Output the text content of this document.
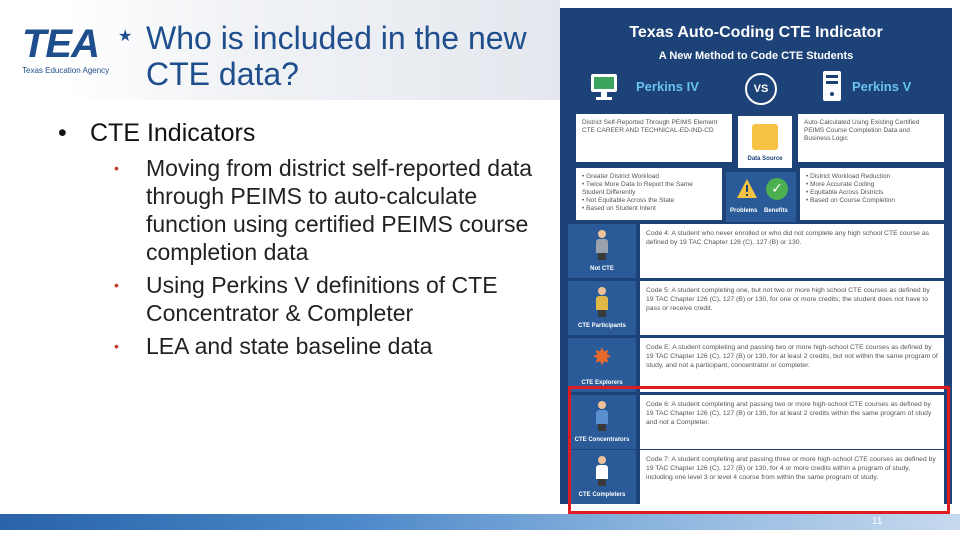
TEA ★
Texas Education Agency
Who is included in the new CTE data?
• CTE Indicators
• Moving from district self-reported data through PEIMS to auto-calculate function using certified PEIMS course completion data
• Using Perkins V definitions of CTE Concentrator & Completer
• LEA and state baseline data
Texas Auto-Coding CTE Indicator
A New Method to Code CTE Students
Perkins IV	VS	Perkins V
District Self-Reported Through PEIMS Element CTE CAREER AND TECHNICAL-ED-IND-CD
Data Source
Auto-Calculated Using Existing Certified PEIMS Course Completion Data and Business Logic
• Greater District Workload
• Twice More Data to Report the Same Student Differently
• Not Equitable Across the State
• Based on Student Intent
✓
Problems Benefits
• District Workload Reduction
• More Accurate Coding
• Equitable Across Districts
• Based on Course Completion
Not CTE
Code 4: A student who never enrolled or who did not complete any high school CTE course as defined by 19 TAC Chapter 126 (C), 127 (B) or 130.
CTE Participants
Code 5: A student completing one, but not two or more high school CTE courses as defined by 19 TAC Chapter 126 (C), 127 (B) or 130, for one or more credits; the student does not have to pass or receive credit.
✸
CTE Explorers
Code E: A student completing and passing two or more high-school CTE courses as defined by 19 TAC Chapter 126 (C), 127 (B) or 130, for at least 2 credits, but not within the same program of study, and not a participant, concentrator or completer.
CTE Concentrators
Code 6: A student completing and passing two or more high-school CTE courses as defined by 19 TAC Chapter 126 (C), 127 (B) or 130, for at least 2 credits within the same program of study and not a Completer.
CTE Completers
Code 7: A student completing and passing three or more high-school CTE courses as defined by 19 TAC Chapter 126 (C), 127 (B) or 130, for 4 or more credits within a program of study, including one level 3 or level 4 course from within the same program of study.
11
